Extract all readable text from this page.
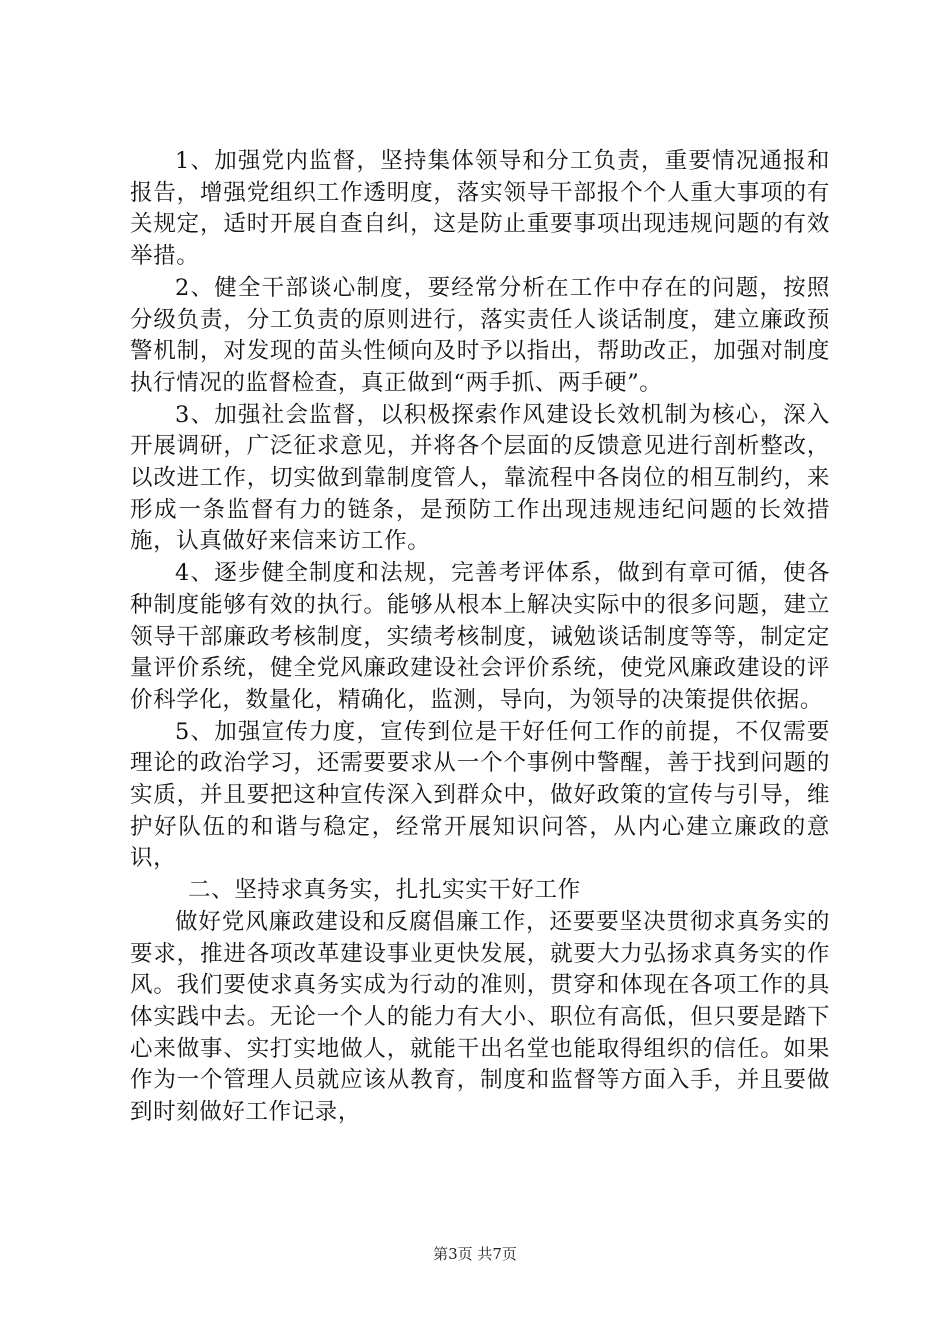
1、加强党内监督，坚持集体领导和分工负责，重要情况通报和报告，增强党组织工作透明度，落实领导干部报个个人重大事项的有关规定，适时开展自查自纠，这是防止重要事项出现违规问题的有效举措。

2、健全干部谈心制度，要经常分析在工作中存在的问题，按照分级负责，分工负责的原则进行，落实责任人谈话制度，建立廉政预警机制，对发现的苗头性倾向及时予以指出，帮助改正，加强对制度执行情况的监督检查，真正做到“两手抓、两手硬”。

3、加强社会监督，以积极探索作风建设长效机制为核心，深入开展调研，广泛征求意见，并将各个层面的反馈意见进行剖析整改，以改进工作，切实做到靠制度管人，靠流程中各岗位的相互制约，来形成一条监督有力的链条，是预防工作出现违规违纪问题的长效措施，认真做好来信来访工作。

4、逐步健全制度和法规，完善考评体系，做到有章可循，使各种制度能够有效的执行。能够从根本上解决实际中的很多问题，建立领导干部廉政考核制度，实绩考核制度，诫勉谈话制度等等，制定定量评价系统，健全党风廉政建设社会评价系统，使党风廉政建设的评价科学化，数量化，精确化，监测，导向，为领导的决策提供依据。

5、加强宣传力度，宣传到位是干好任何工作的前提，不仅需要理论的政治学习，还需要要求从一个个事例中警醒，善于找到问题的实质，并且要把这种宣传深入到群众中，做好政策的宣传与引导，维护好队伍的和谐与稳定，经常开展知识问答，从内心建立廉政的意识，

二、坚持求真务实，扎扎实实干好工作

做好党风廉政建设和反腐倡廉工作，还要要坚决贯彻求真务实的要求，推进各项改革建设事业更快发展，就要大力弘扬求真务实的作风。我们要使求真务实成为行动的准则，贯穿和体现在各项工作的具体实践中去。无论一个人的能力有大小、职位有高低，但只要是踏下心来做事、实打实地做人，就能干出名堂也能取得组织的信任。如果作为一个管理人员就应该从教育，制度和监督等方面入手，并且要做到时刻做好工作记录，

第3页 共7页
